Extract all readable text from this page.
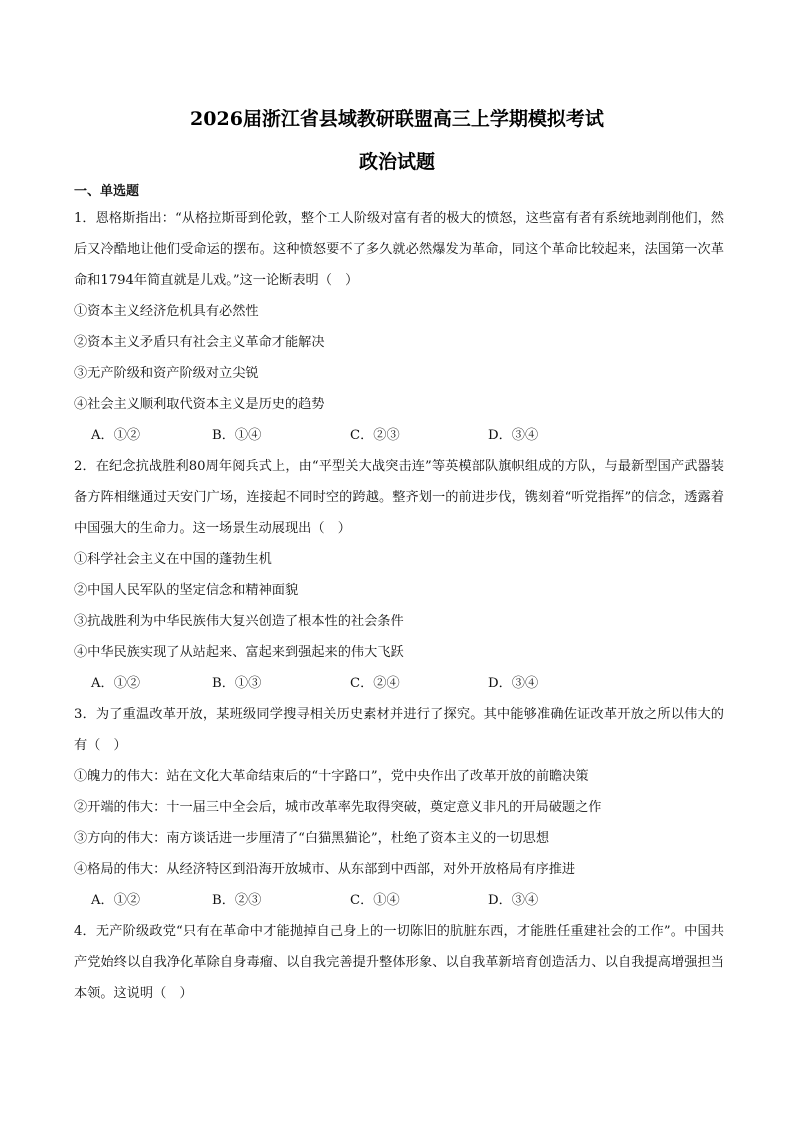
2026届浙江省县域教研联盟高三上学期模拟考试
政治试题
一、单选题
1．恩格斯指出：“从格拉斯哥到伦敦，整个工人阶级对富有者的极大的愤怒，这些富有者有系统地剥削他们，然后又冷酷地让他们受命运的摆布。这种愤怒要不了多久就必然爆发为革命，同这个革命比较起来，法国第一次革命和1794年简直就是儿戏。”这一论断表明（　）
①资本主义经济危机具有必然性
②资本主义矛盾只有社会主义革命才能解决
③无产阶级和资产阶级对立尖锐
④社会主义顺利取代资本主义是历史的趋势
A．①②	B．①④	C．②③	D．③④
2．在纪念抗战胜利80周年阅兵式上，由“平型关大战突击连”等英模部队旗帜组成的方队，与最新型国产武器装备方阵相继通过天安门广场，连接起不同时空的跨越。整齐划一的前进步伐，镌刻着“听党指挥”的信念，透露着中国强大的生命力。这一场景生动展现出（　）
①科学社会主义在中国的蓬勃生机
②中国人民军队的坚定信念和精神面貌
③抗战胜利为中华民族伟大复兴创造了根本性的社会条件
④中华民族实现了从站起来、富起来到强起来的伟大飞跃
A．①②	B．①③	C．②④	D．③④
3．为了重温改革开放，某班级同学搜寻相关历史素材并进行了探究。其中能够准确佐证改革开放之所以伟大的有（　）
①魄力的伟大：站在文化大革命结束后的“十字路口”，党中央作出了改革开放的前瞻决策
②开端的伟大：十一届三中全会后，城市改革率先取得突破，奠定意义非凡的开局破题之作
③方向的伟大：南方谈话进一步厘清了“白猫黑猫论”，杜绝了资本主义的一切思想
④格局的伟大：从经济特区到沿海开放城市、从东部到中西部，对外开放格局有序推进
A．①②	B．②③	C．①④	D．③④
4．无产阶级政党“只有在革命中才能抛掉自己身上的一切陈旧的肮脏东西，才能胜任重建社会的工作”。中国共产党始终以自我净化革除自身毒瘤、以自我完善提升整体形象、以自我革新培育创造活力、以自我提高增强担当本领。这说明（　）
